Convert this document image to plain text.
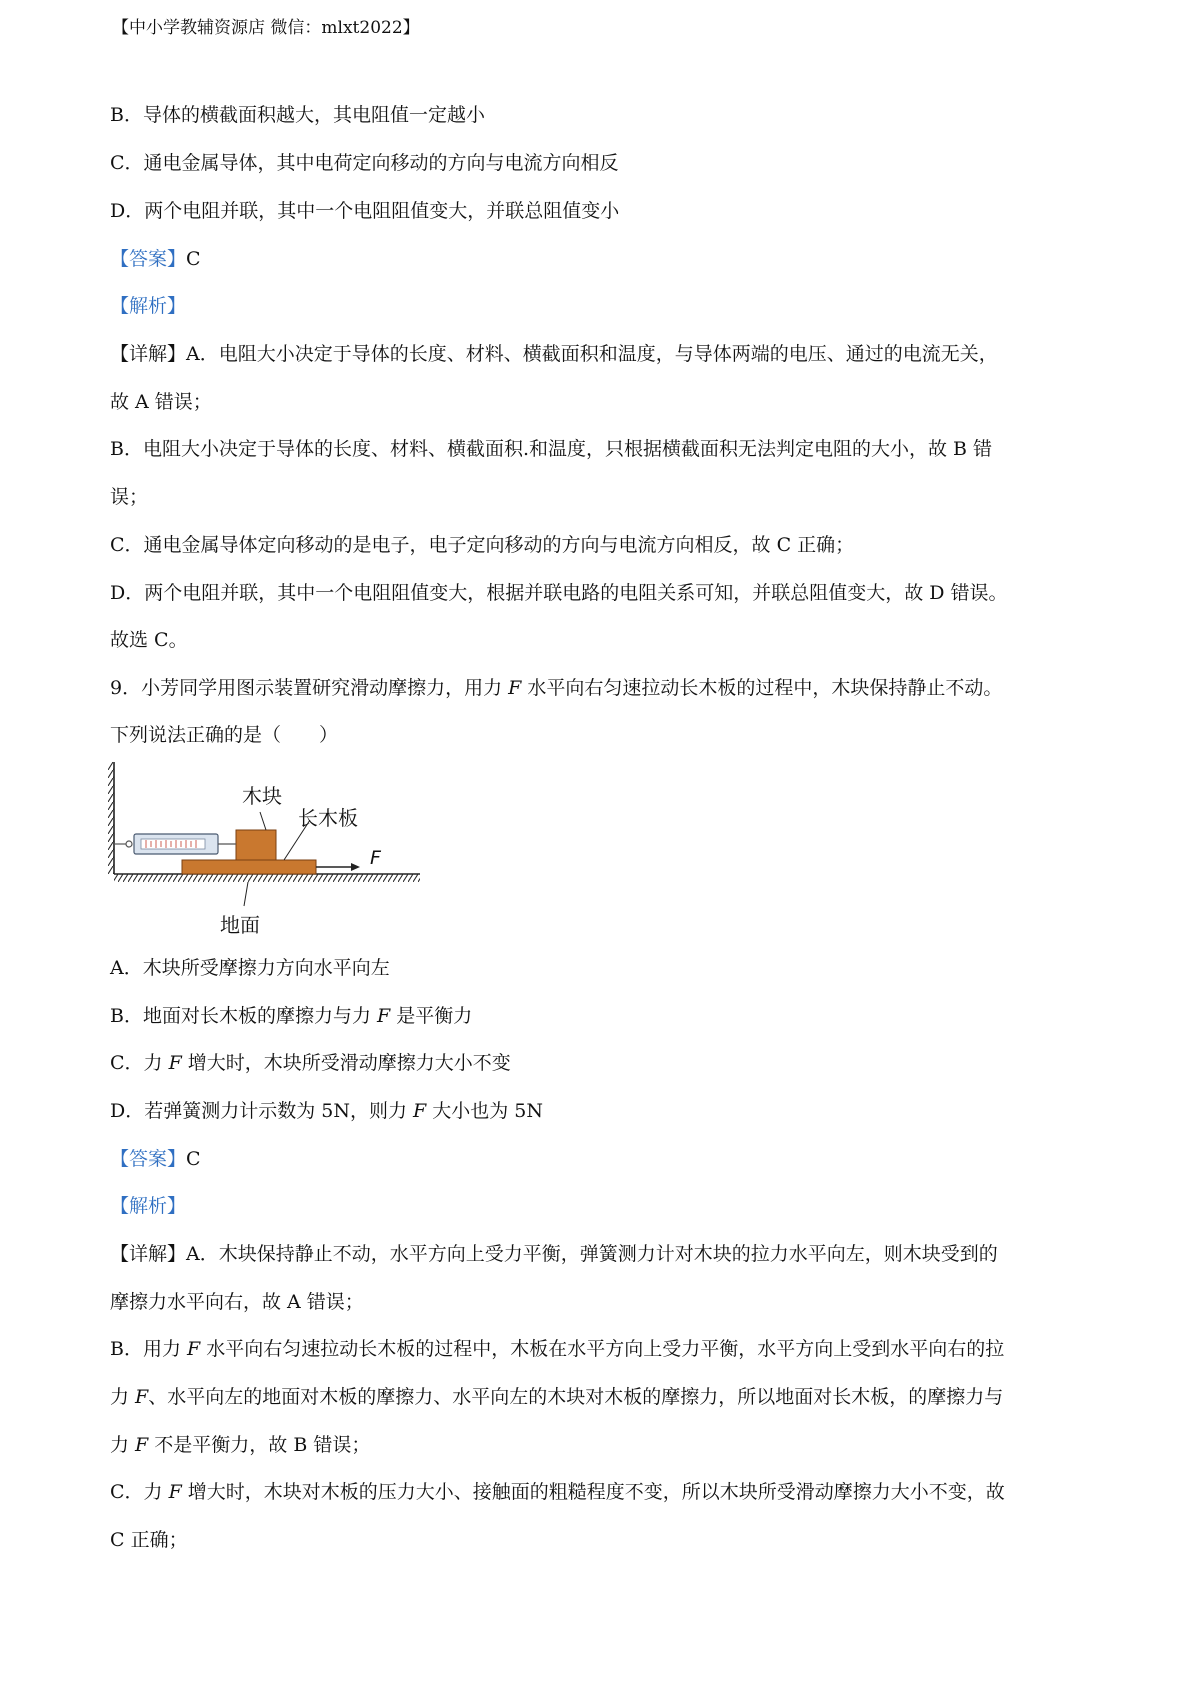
【中小学教辅资源店 微信：mlxt2022】
B．导体的横截面积越大，其电阻值一定越小
C．通电金属导体，其中电荷定向移动的方向与电流方向相反
D．两个电阻并联，其中一个电阻阻值变大，并联总阻值变小
【答案】C
【解析】
【详解】A．电阻大小决定于导体的长度、材料、横截面积和温度，与导体两端的电压、通过的电流无关，
故 A 错误；
B．电阻大小决定于导体的长度、材料、横截面积.和温度，只根据横截面积无法判定电阻的大小，故 B 错
误；
C．通电金属导体定向移动的是电子，电子定向移动的方向与电流方向相反，故 C 正确；
D．两个电阻并联，其中一个电阻阻值变大，根据并联电路的电阻关系可知，并联总阻值变大，故 D 错误。
故选 C。
9．小芳同学用图示装置研究滑动摩擦力，用力 F 水平向右匀速拉动长木板的过程中，木块保持静止不动。
下列说法正确的是（　　）
F
木块
长木板
地面
A．木块所受摩擦力方向水平向左
B．地面对长木板的摩擦力与力 F 是平衡力
C．力 F 增大时，木块所受滑动摩擦力大小不变
D．若弹簧测力计示数为 5N，则力 F 大小也为 5N
【答案】C
【解析】
【详解】A．木块保持静止不动，水平方向上受力平衡，弹簧测力计对木块的拉力水平向左，则木块受到的
摩擦力水平向右，故 A 错误；
B．用力 F 水平向右匀速拉动长木板的过程中，木板在水平方向上受力平衡，水平方向上受到水平向右的拉
力 F、水平向左的地面对木板的摩擦力、水平向左的木块对木板的摩擦力，所以地面对长木板，的摩擦力与
力 F 不是平衡力，故 B 错误；
C．力 F 增大时，木块对木板的压力大小、接触面的粗糙程度不变，所以木块所受滑动摩擦力大小不变，故
C 正确；
